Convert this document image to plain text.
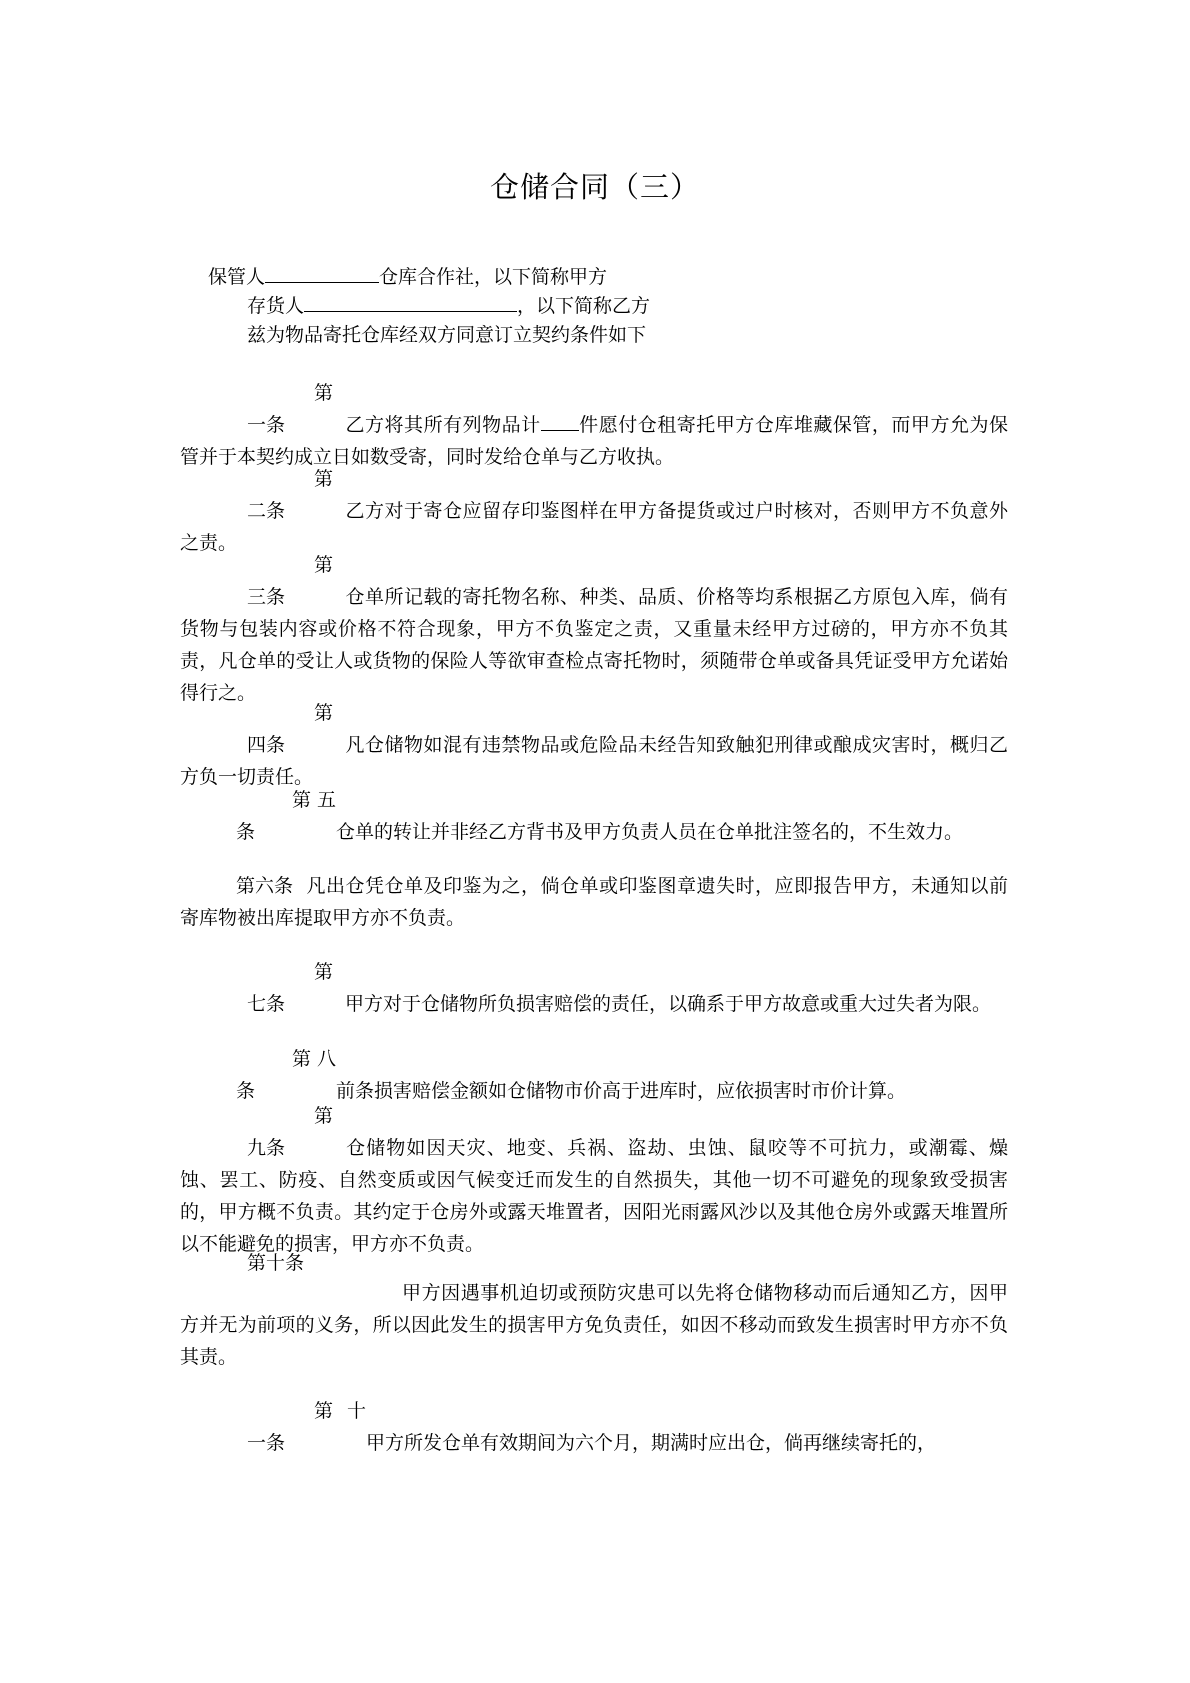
仓储合同（三）
保管人	仓库合作社，以下简称甲方
存货人	，以下简称乙方
兹为物品寄托仓库经双方同意订立契约条件如下
第一条	乙方将其所有列物品计 件愿付仓租寄托甲方仓库堆藏保管，而甲方允为保管并于本契约成立日如数受寄，同时发给仓单与乙方收执。
第二条	乙方对于寄仓应留存印鉴图样在甲方备提货或过户时核对，否则甲方不负意外之责。
第三条	仓单所记载的寄托物名称、种类、品质、价格等均系根据乙方原包入库，倘有货物与包装内容或价格不符合现象，甲方不负鉴定之责，又重量未经甲方过磅的，甲方亦不负其责，凡仓单的受让人或货物的保险人等欲审查检点寄托物时，须随带仓单或备具凭证受甲方允诺始得行之。
第四条	凡仓储物如混有违禁物品或危险品未经告知致触犯刑律或酿成灾害时，概归乙方负一切责任。
第五条	仓单的转让并非经乙方背书及甲方负责人员在仓单批注签名的，不生效力。
第六条 凡出仓凭仓单及印鉴为之，倘仓单或印鉴图章遗失时，应即报告甲方，未通知以前寄库物被出库提取甲方亦不负责。
第七条	甲方对于仓储物所负损害赔偿的责任，以确系于甲方故意或重大过失者为限。
第八条	前条损害赔偿金额如仓储物市价高于进库时，应依损害时市价计算。
第九条	仓储物如因天灾、地变、兵祸、盗劫、虫蚀、鼠咬等不可抗力，或潮霉、燥蚀、罢工、防疫、自然变质或因气候变迁而发生的自然损失，其他一切不可避免的现象致受损害的，甲方概不负责。其约定于仓房外或露天堆置者，因阳光雨露风沙以及其他仓房外或露天堆置所以不能避免的损害，甲方亦不负责。
第十条
甲方因遇事机迫切或预防灾患可以先将仓储物移动而后通知乙方，因甲方并无为前项的义务，所以因此发生的损害甲方免负责任，如因不移动而致发生损害时甲方亦不负其责。
第十一条	甲方所发仓单有效期间为六个月，期满时应出仓，倘再继续寄托的，
